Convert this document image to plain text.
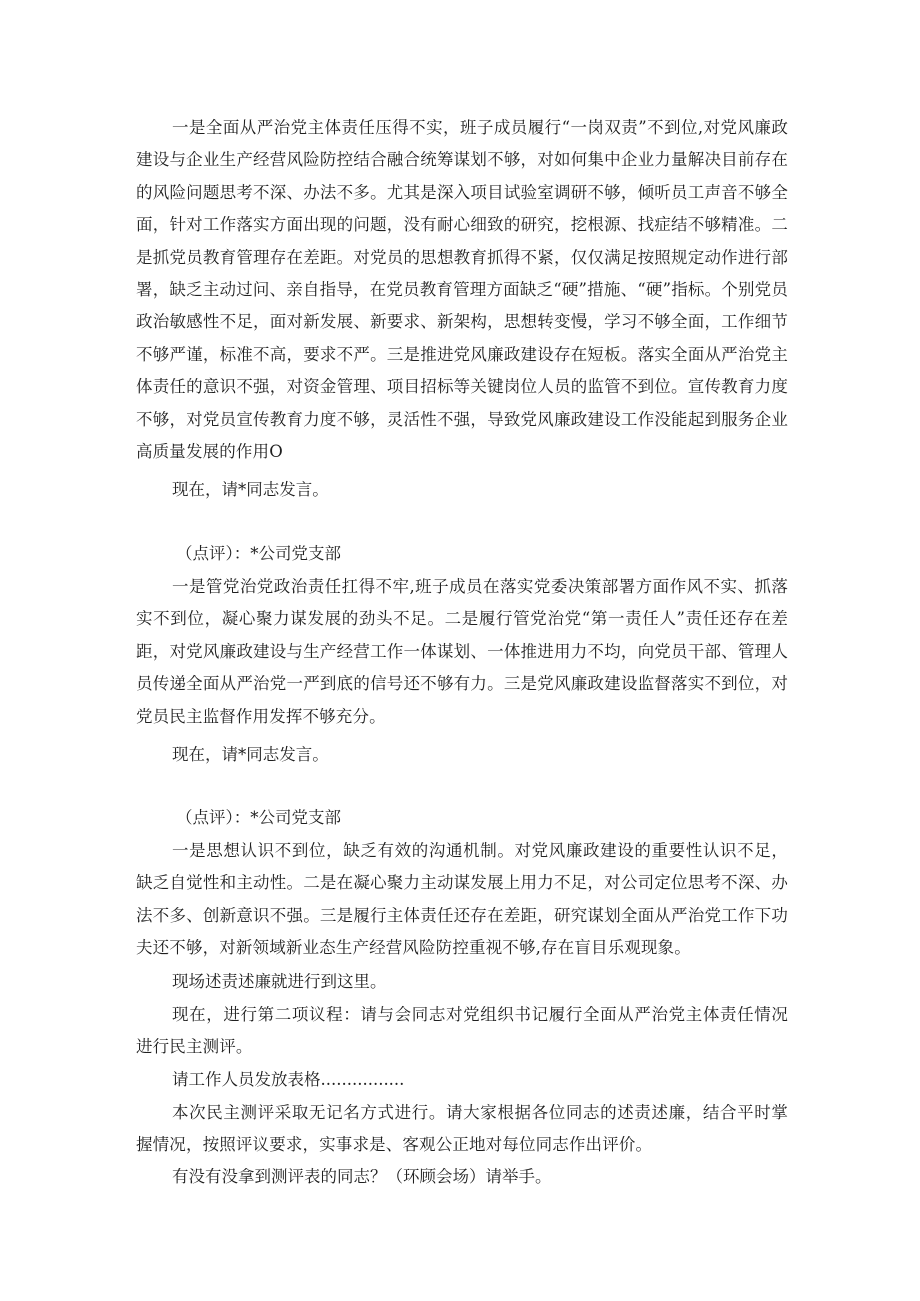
一是全面从严治党主体责任压得不实，班子成员履行“一岗双责”不到位,对党风廉政建设与企业生产经营风险防控结合融合统筹谋划不够，对如何集中企业力量解决目前存在的风险问题思考不深、办法不多。尤其是深入项目试验室调研不够，倾听员工声音不够全面，针对工作落实方面出现的问题，没有耐心细致的研究，挖根源、找症结不够精准。二是抓党员教育管理存在差距。对党员的思想教育抓得不紧，仅仅满足按照规定动作进行部署，缺乏主动过问、亲自指导，在党员教育管理方面缺乏“硬”措施、“硬”指标。个别党员政治敏感性不足，面对新发展、新要求、新架构，思想转变慢，学习不够全面，工作细节不够严谨，标准不高，要求不严。三是推进党风廉政建设存在短板。落实全面从严治党主体责任的意识不强，对资金管理、项目招标等关键岗位人员的监管不到位。宣传教育力度不够，对党员宣传教育力度不够，灵活性不强，导致党风廉政建设工作没能起到服务企业高质量发展的作用O

现在，请*同志发言。

（点评）：*公司党支部

一是管党治党政治责任扛得不牢,班子成员在落实党委决策部署方面作风不实、抓落实不到位，凝心聚力谋发展的劲头不足。二是履行管党治党“第一责任人”责任还存在差距，对党风廉政建设与生产经营工作一体谋划、一体推进用力不均，向党员干部、管理人员传递全面从严治党一严到底的信号还不够有力。三是党风廉政建设监督落实不到位，对党员民主监督作用发挥不够充分。

现在，请*同志发言。

（点评）：*公司党支部

一是思想认识不到位，缺乏有效的沟通机制。对党风廉政建设的重要性认识不足，缺乏自觉性和主动性。二是在凝心聚力主动谋发展上用力不足，对公司定位思考不深、办法不多、创新意识不强。三是履行主体责任还存在差距，研究谋划全面从严治党工作下功夫还不够，对新领域新业态生产经营风险防控重视不够,存在盲目乐观现象。

现场述责述廉就进行到这里。

现在，进行第二项议程：请与会同志对党组织书记履行全面从严治党主体责任情况进行民主测评。

请工作人员发放表格................

本次民主测评采取无记名方式进行。请大家根据各位同志的述责述廉，结合平时掌握情况，按照评议要求，实事求是、客观公正地对每位同志作出评价。

有没有没拿到测评表的同志？（环顾会场）请举手。
